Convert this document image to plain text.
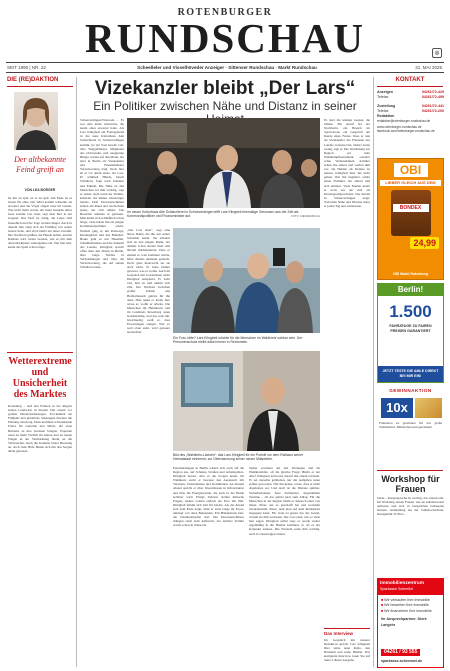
ROTENBURGER
RUNDSCHAU	◎
SEIT 1990 | NR. 22	Scheeßeler und Visselhöveder Anzeiger · Sittenser Rundschau · Markt Rundschau	31. MAI 2025
DIE (RE)DAKTION
Der altbekannte Feind greift an
VON LEA BORGER
Ist mir zu spät, ist es zu spät. Am Ende ist es besser für alles. Der Wind kommt schneller als erwartet und die Vögel singen leise im Garten. Wer nicht mehr wartet, der muss handeln. Alles Gute kommt von oben, sagt man hier in der Gegend. Das Dorf ist ruhig, die Leute sind freundlich und die Tage werden länger. Auch in diesem Jahr zeigt sich der Frühling von seiner besten Seite, und doch bleibt ein leiser Zweifel. Die Nachbarn grüßen, die Hunde bellen, und im Rathaus wird weiter beraten, wie es mit dem alten Marktplatz weitergehen soll. Wer hier lebt, kennt das Spiel schon lange.
Wetterextreme und Unsicherheit des Marktes
Rotenburg – Auf den Feldern in der Region stehen Landwirte in diesem Jahr erneut vor großen Herausforderungen. Trockenheit im Frühjahr und plötzliche Starkregen machen die Planung schwierig. Dazu kommen schwankende Preise für Getreide und Milch, die viele Betriebe an ihre Grenzen bringen. Experten raten zu mehr Vielfalt im Anbau und zu neuen Wegen in der Vermarktung direkt an die Verbraucher. Auch die Kammer bietet Beratung an, doch viele Höfe fühlen sich mit den Sorgen allein gelassen.
Vizekanzler bleibt „Der Lars“
Ein Politiker zwischen Nähe und Distanz in seiner
Schneverdingen/Walsrode – Es war eine Rolle rückwärts, die kaum einer erwartet hatte. Als Lars Klingbeil am Freitagabend in das neue Kulturhaus Alte Schlachterei in Schneverdingen kommt, ist der Saal bereits voll. Alte Weggefährten, Mitglieder des Ortsvereins und neugierige Bürger warten auf den Mann, der jetzt in Berlin als Vizekanzler und Finanzminister Verantwortung trägt. Doch hier ist er vor allem eines: der Lars. Er schüttelt Hände, klopft Schultern, fragt nach Kindern und Enkeln. Die Nähe zu den Menschen sei ihm wichtig, sagt er später, auch wenn der Terminkalender das immer schwieriger mache. Drei Personenschützer stehen am Rand und beobachten jeden, der sich nähert. Die Besucher nehmen es gelassen. Man kennt sich schließlich schon lange, viele haben ihn als jungen Kommunalpolitiker erlebt. Damals ging es um Radwege, Kindergärten und den Bahnhof. Heute geht es um Haushalt, Schuldenbremse und die Zukunft des Landes. Klingbeil spricht offen über den Druck in Berlin, über lange Nächte in Verhandlungen und über die Verantwortung, die auf seinen Schultern lastet.
Im neuen Kulturhaus Alte Schlachterei in Schneverdingen trifft Lars Klingbeil ehemalige Genossen aus der Zeit als Kommunalpolitiker und Finanzminister auf.	FOTO: MENZENBACH
„Der Lars eben“, sagt eine ältere Dame, die ihn seit seiner Schulzeit kennt. Sie erinnert sich an den jungen Mann, der damals schon Reden hielt und überall mitdiskutierte. Dass er einmal so weit kommen würde, hätte damals niemand gedacht. Doch ganz überrascht sei sie auch nicht. Er habe immer gewusst, was er wollte. Auch im Gespräch mit Journalisten wirkt Klingbeil entspannt. Er lacht viel, hört zu und nimmt sich Zeit. Der Wechsel zwischen großer Politik und Heimatbesuch gehöre für ihn dazu. Hier tanke er Kraft, hier wisse er, wofür er arbeite. Die Menschen im Heidekreis und im Landkreis Rotenburg seien bodenständig, und das erde ihn. Gleichzeitig weiß er, dass Erwartungen steigen. Wer so weit oben steht, wird genauer beobachtet.
Ein Foto, bitte? Lars Klingbeil möchte für die Menschen im Wahlkreis nahbar sein. Der Personenschutz bleibt dabei immer in Reichweite.
Bild des „Wahlkreis-Lächeln“: das Lars Klingbeil für ein Porträt vor dem Rathaus seiner Heimatstadt einnimmt, zur Überraschung seiner neuen Mitarbeiter.
Entscheidungen in Berlin wirken sich auch auf die Region aus, auf Schulen, Straßen und Arbeitsplätze. Klingbeil betont, dass er die Sorgen kennt. Im Wahlkreis sucht er bewusst den Austausch mit Vereinen, Unternehmen und Kommunen. An diesem Abend spricht er über Investitionen in Infrastruktur und über die Energiewende, die auch in der Heide sichtbar wird. Einige Zuhörer stellen kritische Fragen, andere wollen einfach ein Foto mit ihm. Klingbeil nimmt sich Zeit für beides. Als der Abend sich dem Ende neigt, steht er noch lange im Foyer, umringt von alten Bekannten. Ein Händedruck hier, ein Schulterklopfen dort. Die Personenschützer drängen sanft zum Aufbruch, der nächste Termin wartet schon in Walsrode.
Später erscheint auf den Sitzungen und im Wahlkreisbüro oft die gleiche Frage: Bleibt er der Alte? Klingbeil antwortet darauf mit einem Lächeln. Er sei derselbe geblieben, nur die Aufgaben seien größer geworden. Wer ihn kenne, wisse, dass er nicht abgehoben sei. Und doch ist die Distanz spürbar. Sicherheitsleute, feste Zeitfenster, abgestimmte Termine – all das gehört jetzt zum Alltag. Für die Menschen in der Region bleibt er dennoch einer von ihnen. Einer, der es geschafft hat und trotzdem wiederkommt. Einer, dem man auf dem Marktplatz begegnen kann. Für viele ist genau das der Grund, warum sie ihm vertrauen. Der Lars eben, wie so viele hier sagen. Klingbeil selbst sagt, er werde weiter regelmäßig in die Heimat kommen, so oft es der Kalender zulasse. Die Wurzeln seien ihm wichtig, auch in schwierigen Zeiten.
Es sind die kleinen Gesten, die zählen. Ein Anruf bei der Nachbarin, ein Besuch im Sportverein, ein Gespräch am Rande eines Festes. Dass er nun als Vizekanzler die Finanzen des Landes verantwortet, ändert daran wenig, sagt er. Die Verbindung zur Region sei kein Wahlkampfinstrument, sondern echte Verbundenheit. Kritiker sehen das anders und werfen ihm vor, die Heimat als Kulisse zu nutzen. Klingbeil lässt das nicht gelten. Wer ihn begleitet, erlebt einen Politiker, der zuhört und sich erinnert. Viele Namen kennt er noch aus der Zeit als Kreistagsabgeordneter. Der Abend in Schneverdingen zeigt: Zwischen Nähe und Distanz muss er jeden Tag neu austarieren.
Das Interview
Im Gespräch mit unserer Redaktion spricht Lars Klingbeil über seine neue Rolle, den Haushalt und seine Heimat. Das komplette Interview lesen Sie auf Seite 3 dieser Ausgabe.
KONTAKT
Anzeigen	04261/72-429
Telefax	04261/72-499
Zustellung	04261/72-441
Telefax	04261/72-200
Redaktion
redaktion@rotenburger-rundschau.de
www.rotenburger-rundschau.de facebook.com/rotenburger-rundschau.de
OBI
LIEBER GLEICH AUS DEM
BONDEX
24,99
OBI Markt Rotenburg
Berlin!
1.500
FAHRZEUGE ZU FAIREN PREISEN GARANTIERT
JETZT TESTE DIE AMLE DIREKT BEI MIR EIN!
GEWINNAKTION
10x
Freikarten zu gewinnen für das große Sommerfest. Mitmachen und gewinnen!
Workshop für Frauen
Stade – Körpersprache ist wichtig, das wissen alle. Im Workshop lernen Frauen, wie sie selbstbewusst auftreten und sich in Gesprächen behaupten können. Anmeldung bei der Volkshochschule, Kursgebühr 25 Euro.
Immobilienzentrum
Sparkasse Scheeßel
■ Wir verkaufen Ihre Immobilie
■ Wir bewerten Ihre Immobilie
■ Wir finanzieren Ihre Immobilie
Ihr Ansprechpartner: Dierk Langehr
04261 / 93 555
sparkasse-scheessel.de
